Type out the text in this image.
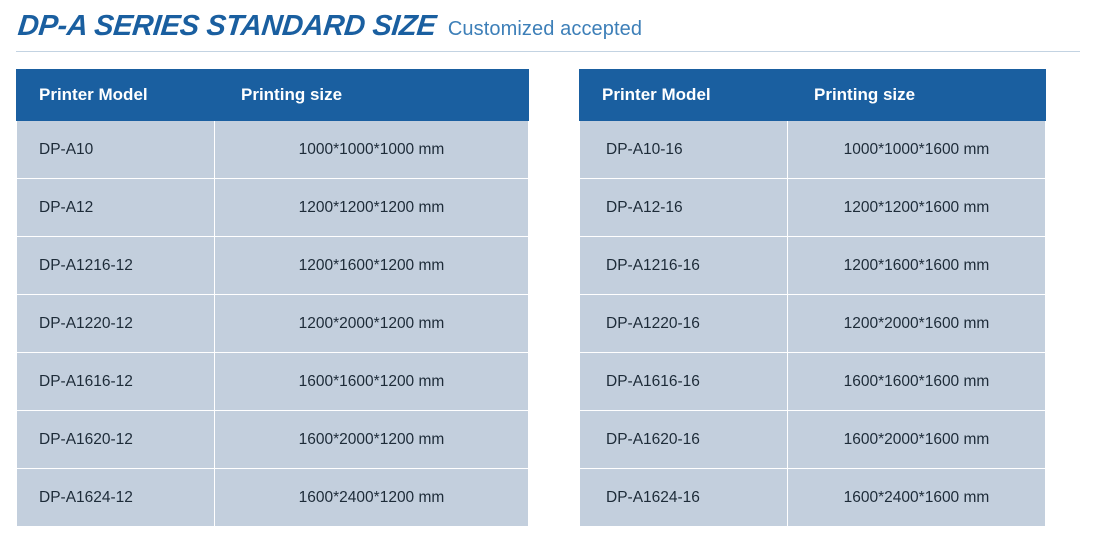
DP-A SERIES STANDARD SIZE Customized accepted
Printer Model	Printing size
DP-A10	1000*1000*1000 mm
DP-A12	1200*1200*1200 mm
DP-A1216-12	1200*1600*1200 mm
DP-A1220-12	1200*2000*1200 mm
DP-A1616-12	1600*1600*1200 mm
DP-A1620-12	1600*2000*1200 mm
DP-A1624-12	1600*2400*1200 mm
Printer Model	Printing size
DP-A10-16	1000*1000*1600 mm
DP-A12-16	1200*1200*1600 mm
DP-A1216-16	1200*1600*1600 mm
DP-A1220-16	1200*2000*1600 mm
DP-A1616-16	1600*1600*1600 mm
DP-A1620-16	1600*2000*1600 mm
DP-A1624-16	1600*2400*1600 mm
